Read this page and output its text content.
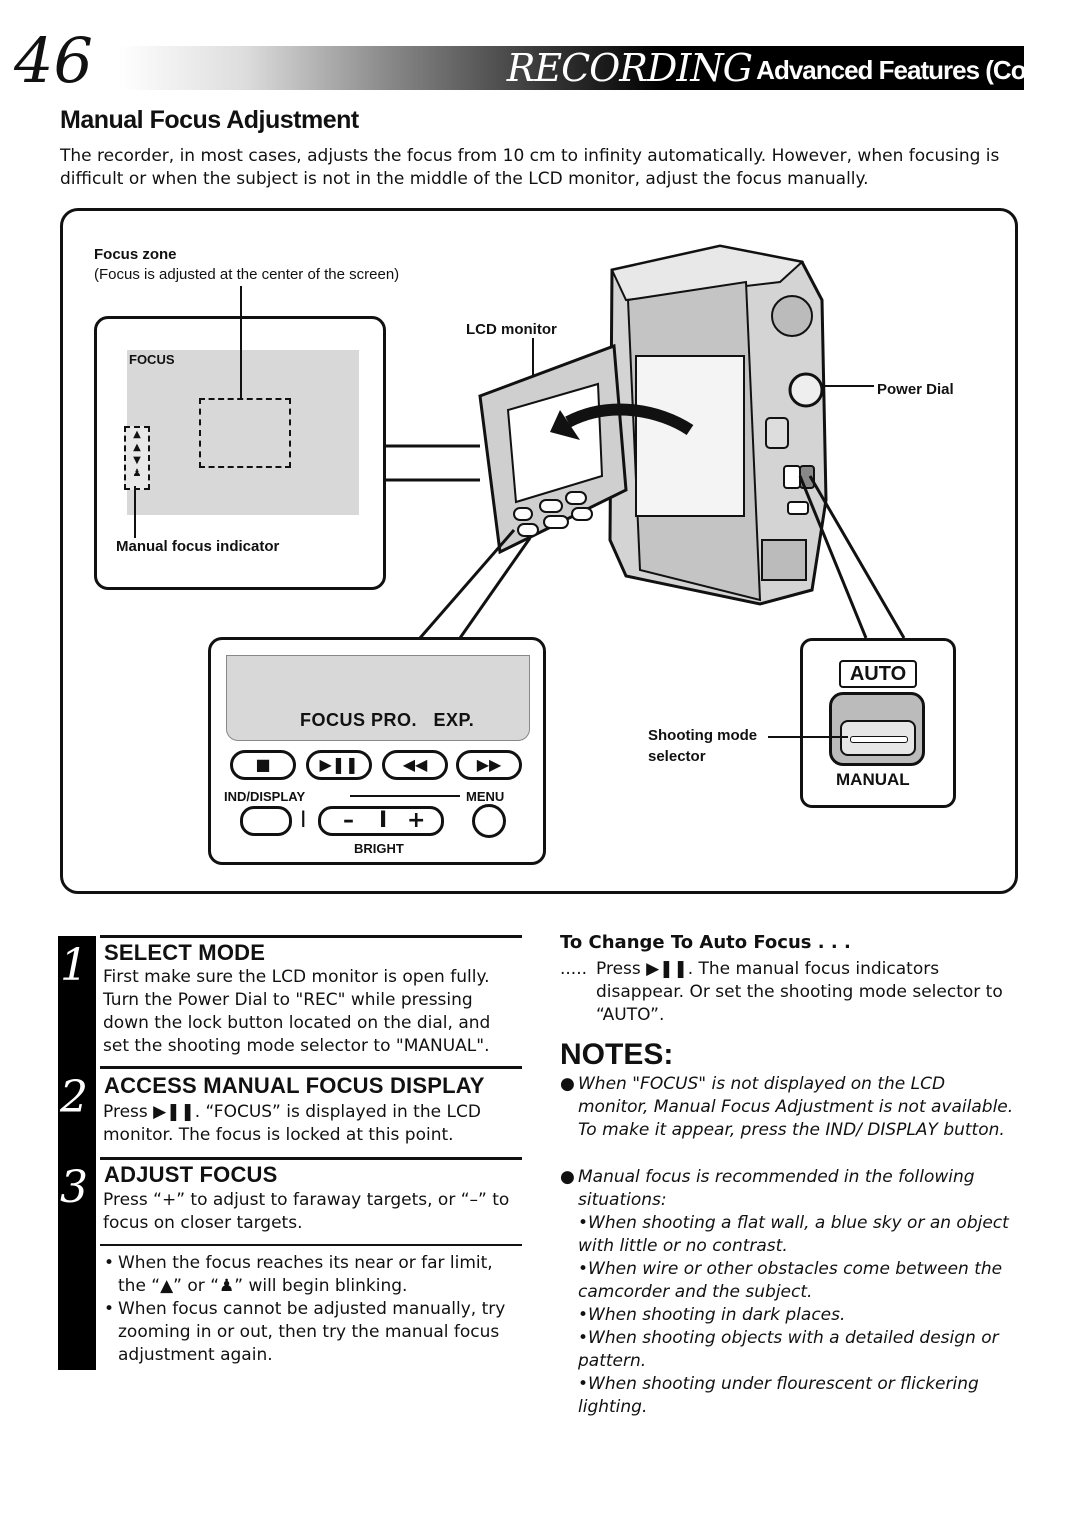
46	RECORDING Advanced Features (Cont.)
Manual Focus Adjustment
The recorder, in most cases, adjusts the focus from 10 cm to infinity automatically. However, when focusing is difficult or when the subject is not in the middle of the LCD monitor, adjust the focus manually.
Focus zone
(Focus is adjusted at the center of the screen)
FOCUS
▲
▲
▼
♟
Manual focus indicator
LCD monitor
Power Dial
FOCUS PRO.   EXP.
■	▶❚❚	◀◀	▶▶
IND/DISPLAY	MENU
I – I +
BRIGHT
AUTO
MANUAL
Shooting mode
selector
1 SELECT MODE
First make sure the LCD monitor is open fully. Turn the Power Dial to "REC" while pressing down the lock button located on the dial, and set the shooting mode selector to "MANUAL".
2 ACCESS MANUAL FOCUS DISPLAY
Press ▶❚❚. “FOCUS” is displayed in the LCD monitor. The focus is locked at this point.
3 ADJUST FOCUS
Press “+” to adjust to faraway targets, or “–” to focus on closer targets.
• When the focus reaches its near or far limit, the “▲” or “♟” will begin blinking.
• When focus cannot be adjusted manually, try zooming in or out, then try the manual focus adjustment again.
To Change To Auto Focus . . .
..... Press ▶❚❚. The manual focus indicators disappear. Or set the shooting mode selector to “AUTO”.
NOTES:
● When "FOCUS" is not displayed on the LCD monitor, Manual Focus Adjustment is not available. To make it appear, press the IND/ DISPLAY button.
● Manual focus is recommended in the following situations:
•When shooting a flat wall, a blue sky or an object with little or no contrast.
•When wire or other obstacles come between the camcorder and the subject.
•When shooting in dark places.
•When shooting objects with a detailed design or pattern.
•When shooting under flourescent or flickering lighting.
